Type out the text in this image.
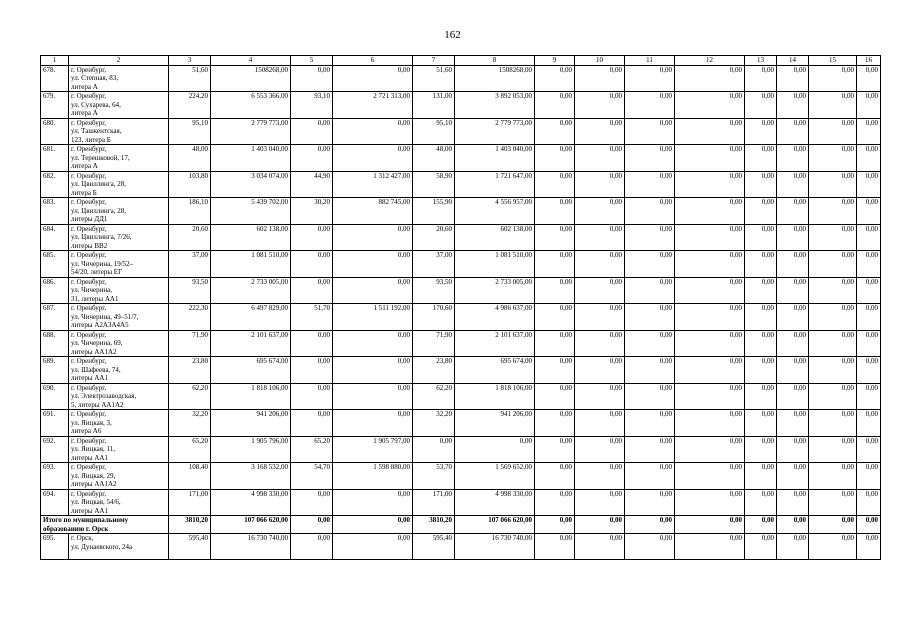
162
1	2	3	4	5	6	7	8	9	10	11	12	13	14	15	16
678.	г. Оренбург,
ул. Степная, 83,
литера А	51,60	1508268,00	0,00	0,00	51,60	1508268,00	0,00	0,00	0,00	0,00	0,00	0,00	0,00	0,00
679.	г. Оренбург,
ул. Сухарева, 64,
литера А	224,20	6 553 366,00	93,10	2 721 313,00	131,00	3 892 053,00	0,00	0,00	0,00	0,00	0,00	0,00	0,00	0,00
680.	г. Оренбург,
ул. Ташкентская,
123, литера Б	95,10	2 779 773,00	0,00	0,00	95,10	2 779 773,00	0,00	0,00	0,00	0,00	0,00	0,00	0,00	0,00
681.	г. Оренбург,
ул. Терешковой, 17,
литера А	48,00	1 403 040,00	0,00	0,00	48,00	1 403 040,00	0,00	0,00	0,00	0,00	0,00	0,00	0,00	0,00
682.	г. Оренбург,
ул. Цвиллинга, 28,
литера Б	103,80	3 034 074,00	44,90	1 312 427,00	58,90	1 721 647,00	0,00	0,00	0,00	0,00	0,00	0,00	0,00	0,00
683.	г. Оренбург,
ул. Цвиллинга, 28,
литеры ДД1	186,10	5 439 702,00	30,20	882 745,00	155,90	4 556 957,00	0,00	0,00	0,00	0,00	0,00	0,00	0,00	0,00
684.	г. Оренбург,
ул. Цвиллинга, 7/26,
литеры ВВ2	20,60	602 138,00	0,00	0,00	20,60	602 138,00	0,00	0,00	0,00	0,00	0,00	0,00	0,00	0,00
685.	г. Оренбург,
ул. Чичерина, 19/52–
54/20, литеры ЕГ	37,00	1 081 510,00	0,00	0,00	37,00	1 081 510,00	0,00	0,00	0,00	0,00	0,00	0,00	0,00	0,00
686.	г. Оренбург,
ул. Чичерина,
31, литеры АА1	93,50	2 733 005,00	0,00	0,00	93,50	2 733 005,00	0,00	0,00	0,00	0,00	0,00	0,00	0,00	0,00
687.	г. Оренбург,
ул. Чичерина, 49–51/7,
литеры А2А3А4А5	222,30	6 497 829,00	51,70	1 511 192,00	170,60	4 986 637,00	0,00	0,00	0,00	0,00	0,00	0,00	0,00	0,00
688.	г. Оренбург,
ул. Чичерина, 69,
литеры АА1А2	71,90	2 101 637,00	0,00	0,00	71,90	2 101 637,00	0,00	0,00	0,00	0,00	0,00	0,00	0,00	0,00
689.	г. Оренбург,
ул. Шафеева, 74,
литеры АА1	23,80	695 674,00	0,00	0,00	23,80	695 674,00	0,00	0,00	0,00	0,00	0,00	0,00	0,00	0,00
690.	г. Оренбург,
ул. Электрозаводская,
5, литеры АА1А2	62,20	1 818 106,00	0,00	0,00	62,20	1 818 106,00	0,00	0,00	0,00	0,00	0,00	0,00	0,00	0,00
691.	г. Оренбург,
ул. Яицкая, 3,
литера А6	32,20	941 206,00	0,00	0,00	32,20	941 206,00	0,00	0,00	0,00	0,00	0,00	0,00	0,00	0,00
692.	г. Оренбург,
ул. Яицкая, 11,
литеры АА1	65,20	1 905 796,00	65,20	1 905 797,00	0,00	0,00	0,00	0,00	0,00	0,00	0,00	0,00	0,00	0,00
693.	г. Оренбург,
ул. Яицкая, 29,
литеры АА1А2	108,40	3 168 532,00	54,70	1 598 880,00	53,70	1 569 652,00	0,00	0,00	0,00	0,00	0,00	0,00	0,00	0,00
694.	г. Оренбург,
ул. Яицкая, 54/6,
литеры АА1	171,00	4 998 330,00	0,00	0,00	171,00	4 998 330,00	0,00	0,00	0,00	0,00	0,00	0,00	0,00	0,00
Итого по муниципальному
образованию г. Орск		3810,20	107 066 620,00	0,00	0,00	3810,20	107 066 620,00	0,00	0,00	0,00	0,00	0,00	0,00	0,00	0,00
695.	г. Орск,
ул. Дунаевского, 24а	595,40	16 730 740,00	0,00	0,00	595,40	16 730 740,00	0,00	0,00	0,00	0,00	0,00	0,00	0,00	0,00
